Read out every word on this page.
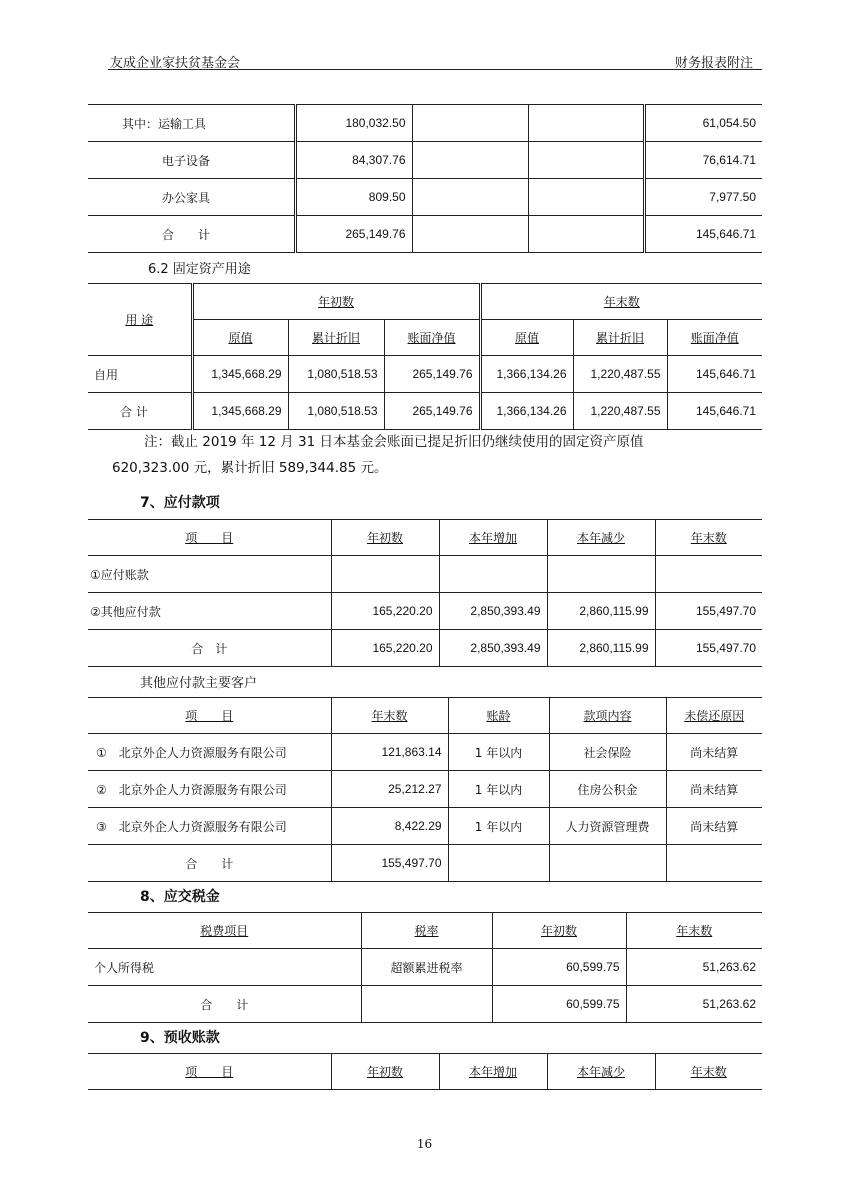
友成企业家扶贫基金会	财务报表附注
其中：运输工具	180,032.50			61,054.50
电子设备	84,307.76			76,614.71
办公家具	809.50			7,977.50
合　　计	265,149.76			145,646.71
6.2 固定资产用途
用 途	年初数			年末数		
	原值	累计折旧	账面净值	原值	累计折旧	账面净值
自用	1,345,668.29	1,080,518.53	265,149.76	1,366,134.26	1,220,487.55	145,646.71
合 计	1,345,668.29	1,080,518.53	265,149.76	1,366,134.26	1,220,487.55	145,646.71
注：截止 2019 年 12 月 31 日本基金会账面已提足折旧仍继续使用的固定资产原值
620,323.00 元，累计折旧 589,344.85 元。
7、应付款项
项　　目	年初数	本年增加	本年减少	年末数
①应付账款				
②其他应付款	165,220.20	2,850,393.49	2,860,115.99	155,497.70
合　计	165,220.20	2,850,393.49	2,860,115.99	155,497.70
其他应付款主要客户
项　　目	年末数	账龄	款项内容	未偿还原因
①　北京外企人力资源服务有限公司	121,863.14	1 年以内	社会保险	尚未结算
②　北京外企人力资源服务有限公司	25,212.27	1 年以内	住房公积金	尚未结算
③　北京外企人力资源服务有限公司	8,422.29	1 年以内	人力资源管理费	尚未结算
合　　计	155,497.70			
8、应交税金
税费项目	税率	年初数	年末数
个人所得税	超额累进税率	60,599.75	51,263.62
合　　计		60,599.75	51,263.62
9、预收账款
项　　目	年初数	本年增加	本年减少	年末数
16
